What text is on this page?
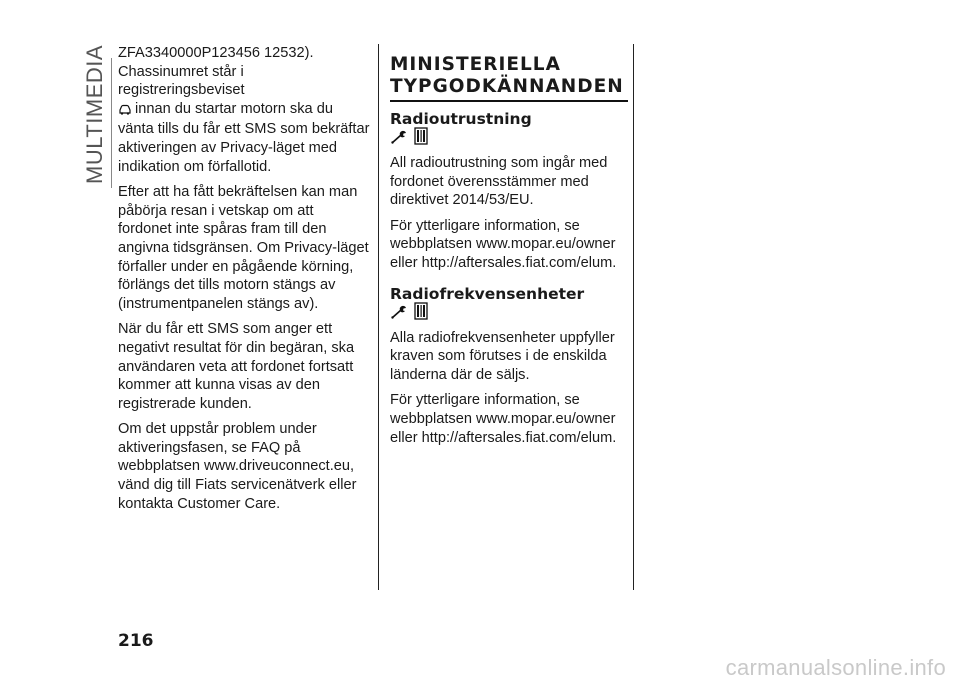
MULTIMEDIA ZFA3340000P123456 12532).
Chassinumret står i registreringsbeviset
innan du startar motorn ska du vänta tills du får ett SMS som bekräftar aktiveringen av Privacy-läget med indikation om förfallotid.

Efter att ha fått bekräftelsen kan man påbörja resan i vetskap om att fordonet inte spåras fram till den angivna tidsgränsen. Om Privacy-läget förfaller under en pågående körning, förlängs det tills motorn stängs av (instrumentpanelen stängs av).

När du får ett SMS som anger ett negativt resultat för din begäran, ska användaren veta att fordonet fortsatt kommer att kunna visas av den registrerade kunden.

Om det uppstår problem under aktiveringsfasen, se FAQ på webbplatsen www.driveuconnect.eu, vänd dig till Fiats servicenätverk eller kontakta Customer Care.

MINISTERIELLA
TYPGODKÄNNANDEN
Radioutrustning

All radioutrustning som ingår med fordonet överensstämmer med direktivet 2014/53/EU.

För ytterligare information, se webbplatsen www.mopar.eu/owner eller http://aftersales.fiat.com/elum.

Radiofrekvensenheter

Alla radiofrekvensenheter uppfyller kraven som förutses i de enskilda länderna där de säljs.

För ytterligare information, se webbplatsen www.mopar.eu/owner eller http://aftersales.fiat.com/elum.

216
carmanualsonline.info
